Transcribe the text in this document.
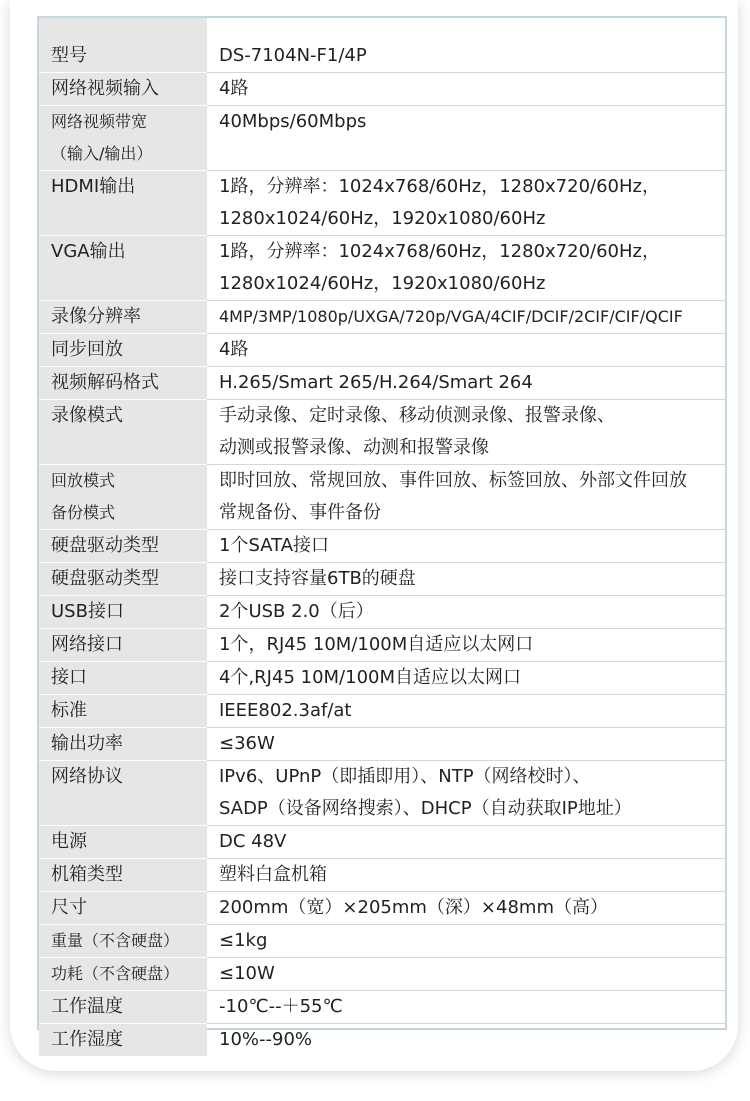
型号	DS-7104N-F1/4P

网络视频输入	4路

网络视频带宽
（输入/输出）	40Mbps/60Mbps

HDMI输出	1路，分辨率：1024x768/60Hz，1280x720/60Hz，
1280x1024/60Hz，1920x1080/60Hz

VGA输出	1路，分辨率：1024x768/60Hz，1280x720/60Hz，
1280x1024/60Hz，1920x1080/60Hz

录像分辨率	4MP/3MP/1080p/UXGA/720p/VGA/4CIF/DCIF/2CIF/CIF/QCIF

同步回放	4路

视频解码格式	H.265/Smart 265/H.264/Smart 264

录像模式	手动录像、定时录像、移动侦测录像、报警录像、
动测或报警录像、动测和报警录像

回放模式
备份模式	即时回放、常规回放、事件回放、标签回放、外部文件回放
常规备份、事件备份

硬盘驱动类型	1个SATA接口

硬盘驱动类型	接口支持容量6TB的硬盘

USB接口	2个USB 2.0（后）

网络接口	1个，RJ45 10M/100M自适应以太网口

接口	4个,RJ45 10M/100M自适应以太网口

标准	IEEE802.3af/at

输出功率	≤36W

网络协议	IPv6、UPnP（即插即用）、NTP（网络校时）、
SADP（设备网络搜索）、DHCP（自动获取IP地址）

电源	DC 48V

机箱类型	塑料白盒机箱

尺寸	200mm（宽）×205mm（深）×48mm（高）

重量（不含硬盘）	≤1kg

功耗（不含硬盘）	≤10W

工作温度	-10℃--＋55℃

工作湿度	10%--90%
